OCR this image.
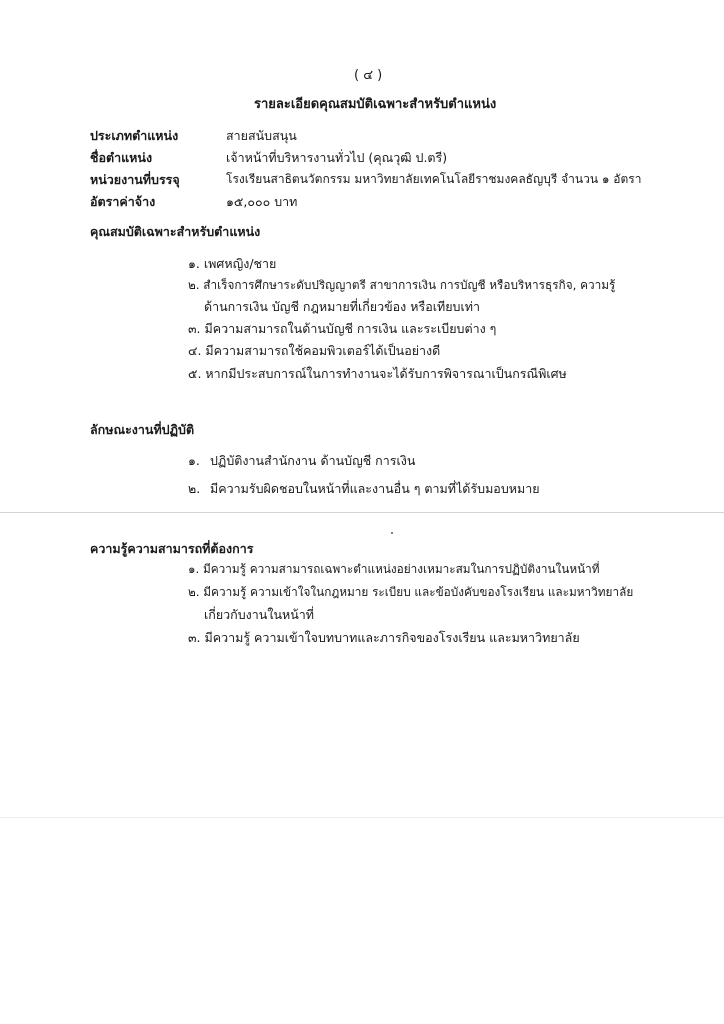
( ๔ )
รายละเอียดคุณสมบัติเฉพาะสำหรับตำแหน่ง
ประเภทตำแหน่ง	สายสนับสนุน
ชื่อตำแหน่ง	เจ้าหน้าที่บริหารงานทั่วไป (คุณวุฒิ ป.ตรี)
หน่วยงานที่บรรจุ	โรงเรียนสาธิตนวัตกรรม มหาวิทยาลัยเทคโนโลยีราชมงคลธัญบุรี จำนวน ๑ อัตรา
อัตราค่าจ้าง	๑๕,๐๐๐ บาท
คุณสมบัติเฉพาะสำหรับตำแหน่ง
๑. เพศหญิง/ชาย
๒. สำเร็จการศึกษาระดับปริญญาตรี สาขาการเงิน การบัญชี หรือบริหารธุรกิจ, ความรู้
ด้านการเงิน บัญชี กฎหมายที่เกี่ยวข้อง หรือเทียบเท่า
๓. มีความสามารถในด้านบัญชี การเงิน และระเบียบต่าง ๆ
๔. มีความสามารถใช้คอมพิวเตอร์ได้เป็นอย่างดี
๕. หากมีประสบการณ์ในการทำงานจะได้รับการพิจารณาเป็นกรณีพิเศษ
ลักษณะงานที่ปฏิบัติ
๑. ปฏิบัติงานสำนักงาน ด้านบัญชี การเงิน
๒. มีความรับผิดชอบในหน้าที่และงานอื่น ๆ ตามที่ได้รับมอบหมาย
ความรู้ความสามารถที่ต้องการ
๑. มีความรู้ ความสามารถเฉพาะตำแหน่งอย่างเหมาะสมในการปฏิบัติงานในหน้าที่
๒. มีความรู้ ความเข้าใจในกฎหมาย ระเบียบ และข้อบังคับของโรงเรียน และมหาวิทยาลัย
เกี่ยวกับงานในหน้าที่
๓. มีความรู้ ความเข้าใจบทบาทและภารกิจของโรงเรียน และมหาวิทยาลัย
